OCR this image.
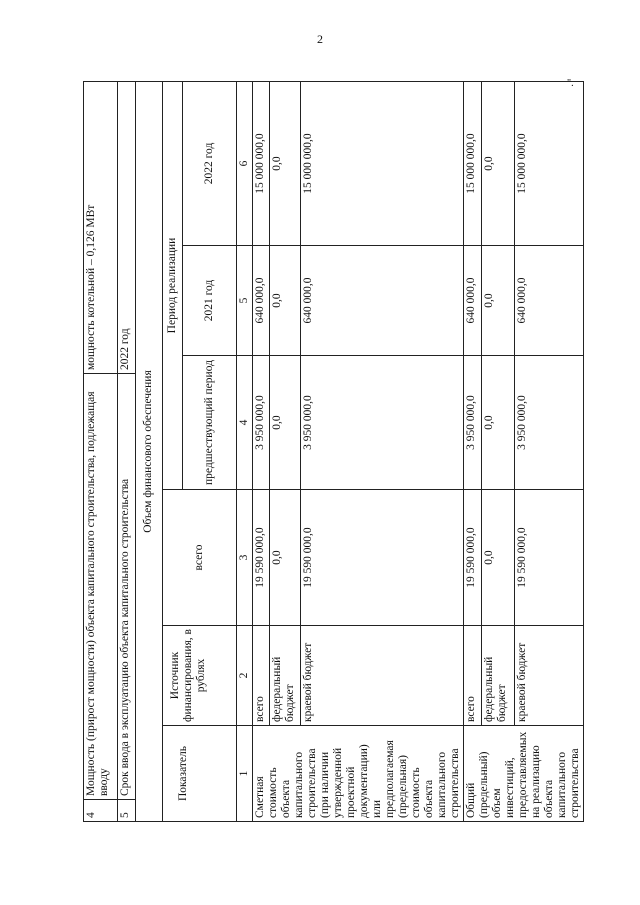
2
".
4	Мощность (прирост мощности) объекта капитального строительства, подлежащая вводу	мощность котельной – 0,126 МВт
5	Срок ввода в эксплуатацию объекта капитального строительства	2022 год
Объем финансового обеспечения					
Показатель	Источник финансирования, в рублях	всего	Период реализации		
			предшествующий период	2021 год	2022 год
1	2	3	4	5	6
Сметная стоимость объекта капитального строительства (при наличии утвержденной проектной документации) или предполагаемая (предельная) стоимость объекта капитального строительства	всего	19 590 000,0	3 950 000,0	640 000,0	15 000 000,0
	федеральный бюджет	0,0	0,0	0,0	0,0
	краевой бюджет	19 590 000,0	3 950 000,0	640 000,0	15 000 000,0
Общий (предельный) объем инвестиций, предоставляемых на реализацию объекта капитального строительства	всего	19 590 000,0	3 950 000,0	640 000,0	15 000 000,0
	федеральный бюджет	0,0	0,0	0,0	0,0
	краевой бюджет	19 590 000,0	3 950 000,0	640 000,0	15 000 000,0
